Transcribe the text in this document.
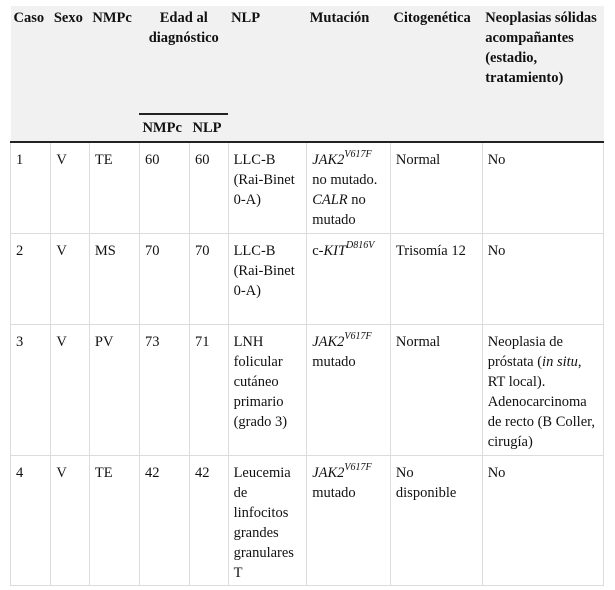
Caso	Sexo	NMPc	Edad al diagnóstico		NLP	Mutación	Citogenética	Neoplasias sólidas acompañantes (estadio, tratamiento)
			NMPc	NLP				
1	V	TE	60	60	LLC-B (Rai-Binet 0-A)	$JAK2^{V617F}$ no mutado. CALR no mutado	Normal	No
2	V	MS	70	70	LLC-B (Rai-Binet 0-A)	$c-KIT^{D816V}$	Trisomía 12	No
3	V	PV	73	71	LNH folicular cutáneo primario (grado 3)	$JAK2^{V617F}$ mutado	Normal	Neoplasia de próstata (in situ, RT local). Adenocarcinoma de recto (B Coller, cirugía)
4	V	TE	42	42	Leucemia de linfocitos grandes granulares T	$JAK2^{V617F}$ mutado	No disponible	No
